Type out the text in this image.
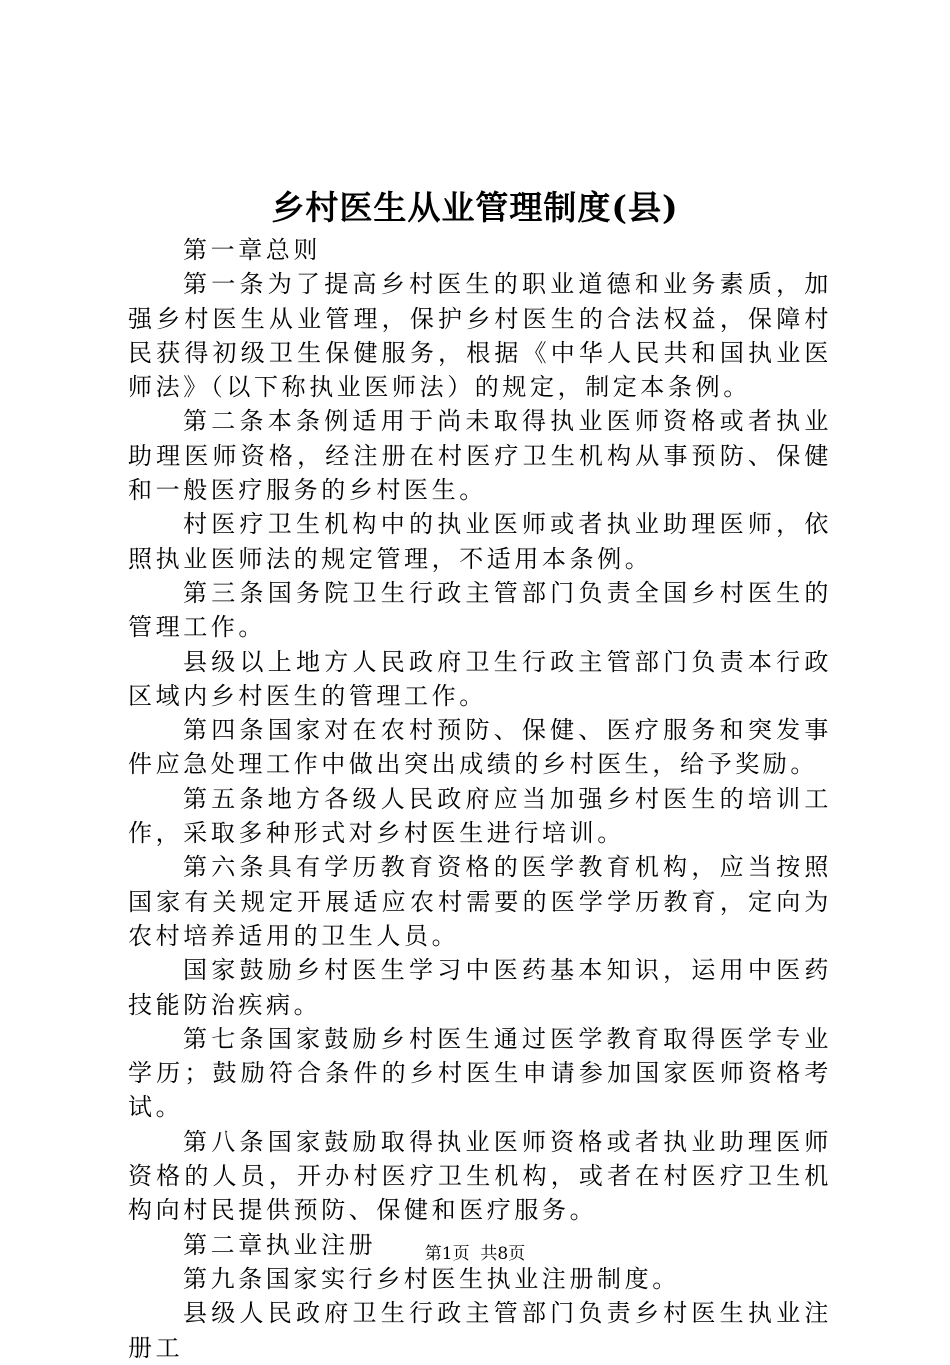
乡村医生从业管理制度(县)

第一章总则

第一条为了提高乡村医生的职业道德和业务素质，加强乡村医生从业管理，保护乡村医生的合法权益，保障村民获得初级卫生保健服务，根据《中华人民共和国执业医师法》（以下称执业医师法）的规定，制定本条例。

第二条本条例适用于尚未取得执业医师资格或者执业助理医师资格，经注册在村医疗卫生机构从事预防、保健和一般医疗服务的乡村医生。

村医疗卫生机构中的执业医师或者执业助理医师，依照执业医师法的规定管理，不适用本条例。

第三条国务院卫生行政主管部门负责全国乡村医生的管理工作。

县级以上地方人民政府卫生行政主管部门负责本行政区域内乡村医生的管理工作。

第四条国家对在农村预防、保健、医疗服务和突发事件应急处理工作中做出突出成绩的乡村医生，给予奖励。

第五条地方各级人民政府应当加强乡村医生的培训工作，采取多种形式对乡村医生进行培训。

第六条具有学历教育资格的医学教育机构，应当按照国家有关规定开展适应农村需要的医学学历教育，定向为农村培养适用的卫生人员。

国家鼓励乡村医生学习中医药基本知识，运用中医药技能防治疾病。

第七条国家鼓励乡村医生通过医学教育取得医学专业学历；鼓励符合条件的乡村医生申请参加国家医师资格考试。

第八条国家鼓励取得执业医师资格或者执业助理医师资格的人员，开办村医疗卫生机构，或者在村医疗卫生机构向村民提供预防、保健和医疗服务。

第二章执业注册

第九条国家实行乡村医生执业注册制度。

县级人民政府卫生行政主管部门负责乡村医生执业注册工

第1页 共8页
